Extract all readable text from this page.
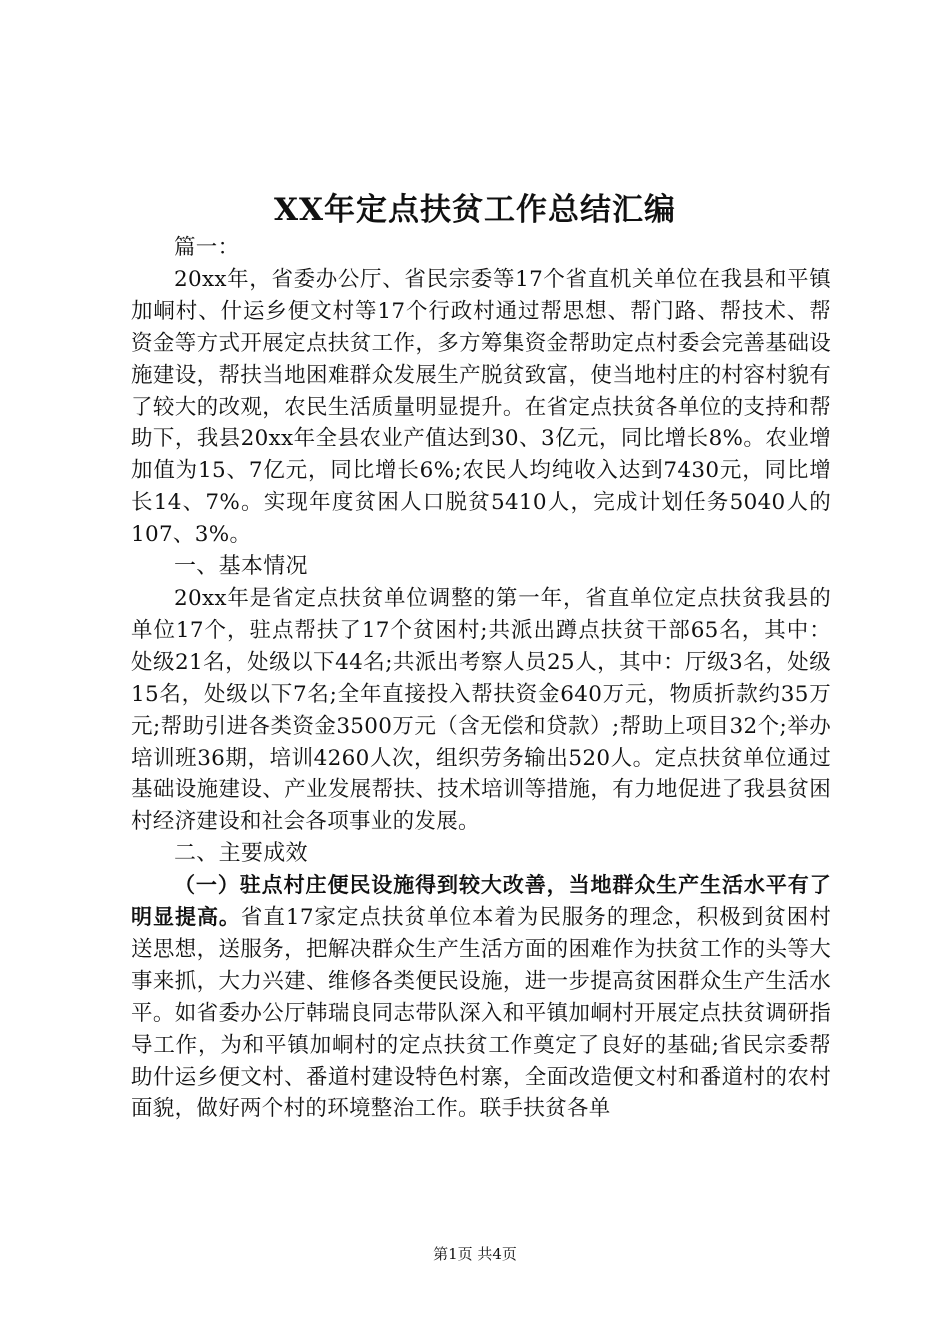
XX年定点扶贫工作总结汇编

篇一：

20xx年，省委办公厅、省民宗委等17个省直机关单位在我县和平镇加峒村、什运乡便文村等17个行政村通过帮思想、帮门路、帮技术、帮资金等方式开展定点扶贫工作，多方筹集资金帮助定点村委会完善基础设施建设，帮扶当地困难群众发展生产脱贫致富，使当地村庄的村容村貌有了较大的改观，农民生活质量明显提升。在省定点扶贫各单位的支持和帮助下，我县20xx年全县农业产值达到30、3亿元，同比增长8%。农业增加值为15、7亿元，同比增长6%;农民人均纯收入达到7430元，同比增长14、7%。实现年度贫困人口脱贫5410人，完成计划任务5040人的107、3%。

一、基本情况

20xx年是省定点扶贫单位调整的第一年，省直单位定点扶贫我县的单位17个，驻点帮扶了17个贫困村;共派出蹲点扶贫干部65名，其中：处级21名，处级以下44名;共派出考察人员25人，其中：厅级3名，处级15名，处级以下7名;全年直接投入帮扶资金640万元，物质折款约35万元;帮助引进各类资金3500万元（含无偿和贷款）;帮助上项目32个;举办培训班36期，培训4260人次，组织劳务输出520人。定点扶贫单位通过基础设施建设、产业发展帮扶、技术培训等措施，有力地促进了我县贫困村经济建设和社会各项事业的发展。

二、主要成效

（一）驻点村庄便民设施得到较大改善，当地群众生产生活水平有了明显提高。省直17家定点扶贫单位本着为民服务的理念，积极到贫困村送思想，送服务，把解决群众生产生活方面的困难作为扶贫工作的头等大事来抓，大力兴建、维修各类便民设施，进一步提高贫困群众生产生活水平。如省委办公厅韩瑞良同志带队深入和平镇加峒村开展定点扶贫调研指导工作，为和平镇加峒村的定点扶贫工作奠定了良好的基础;省民宗委帮助什运乡便文村、番道村建设特色村寨，全面改造便文村和番道村的农村面貌，做好两个村的环境整治工作。联手扶贫各单

第1页 共4页
